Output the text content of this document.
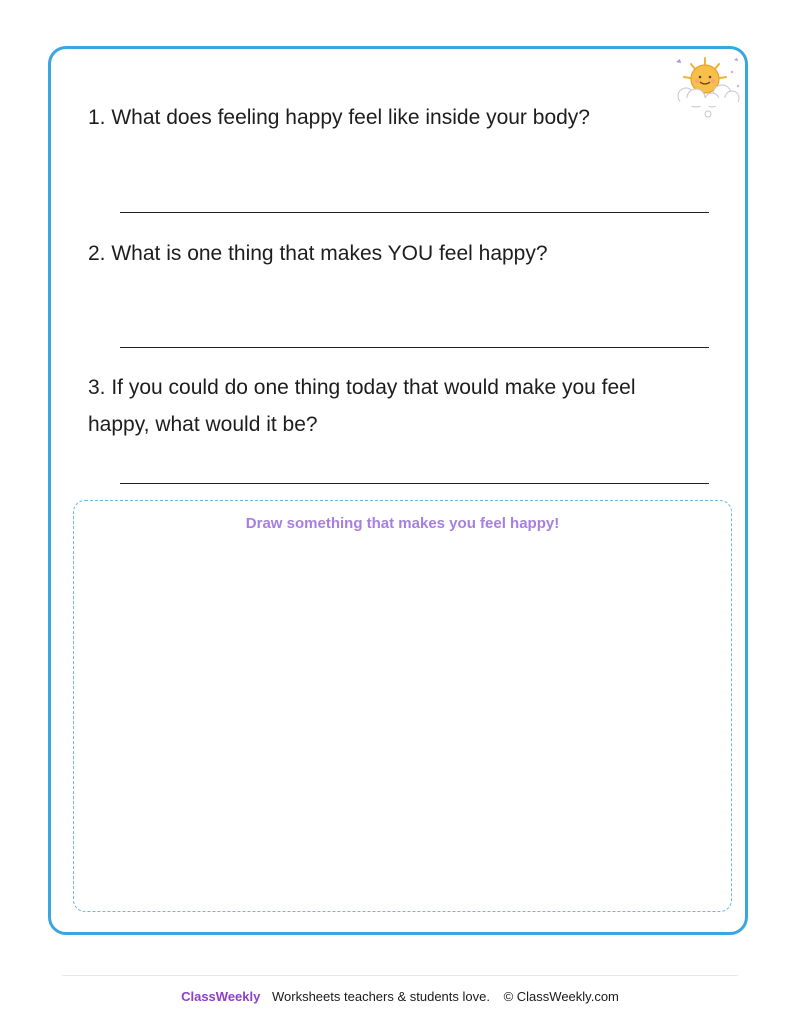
1. What does feeling happy feel like inside your body?

2. What is one thing that makes YOU feel happy?

3. If you could do one thing today that would make you feel happy, what would it be?

Draw something that makes you feel happy!
ClassWeekly Worksheets teachers & students love. © ClassWeekly.com
